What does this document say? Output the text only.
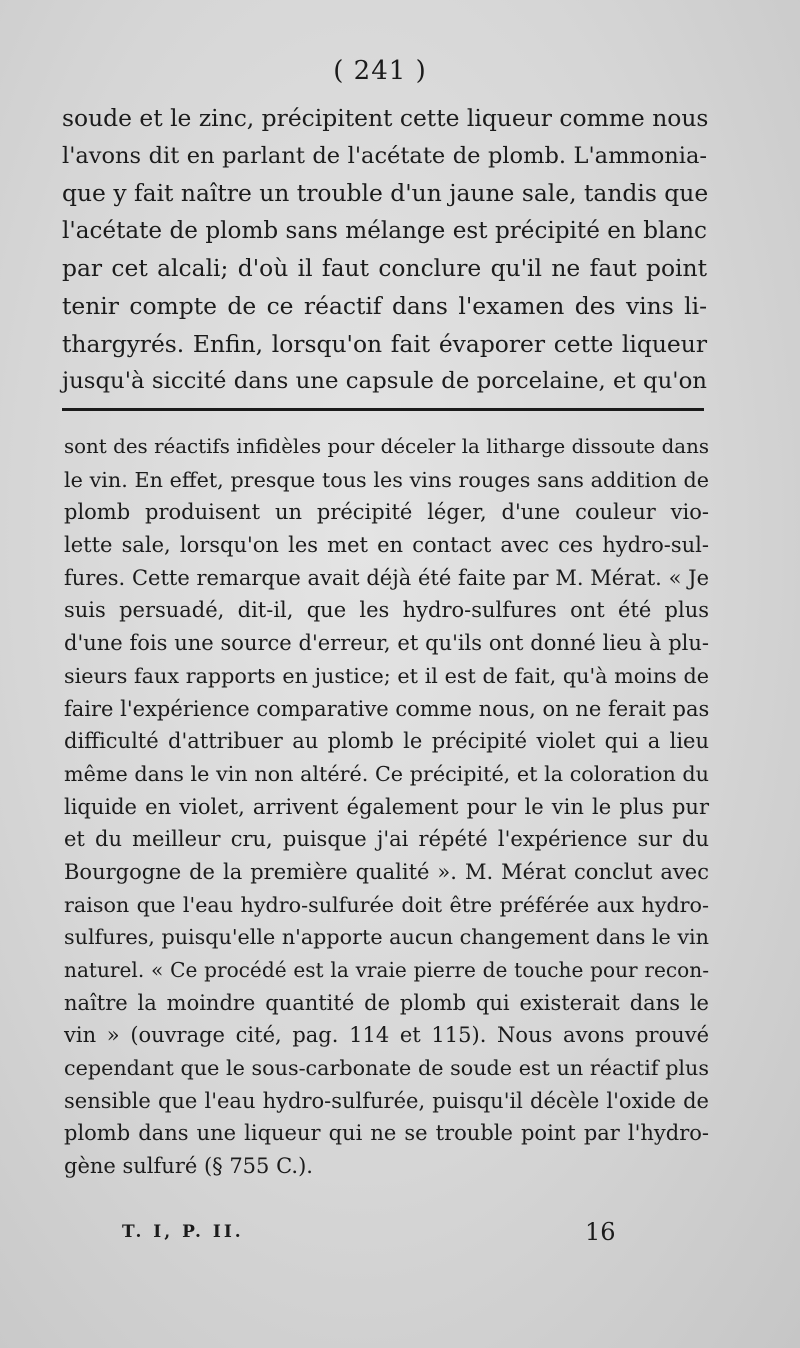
( 241 )
soude et le zinc, précipitent cette liqueur comme nous
l'avons dit en parlant de l'acétate de plomb. L'ammonia-
que y fait naître un trouble d'un jaune sale, tandis que
l'acétate de plomb sans mélange est précipité en blanc
par cet alcali; d'où il faut conclure qu'il ne faut point
tenir compte de ce réactif dans l'examen des vins li-
thargyrés. Enfin, lorsqu'on fait évaporer cette liqueur
jusqu'à siccité dans une capsule de porcelaine, et qu'on
sont des réactifs infidèles pour déceler la litharge dissoute dans
le vin. En effet, presque tous les vins rouges sans addition de
plomb produisent un précipité léger, d'une couleur vio-
lette sale, lorsqu'on les met en contact avec ces hydro-sul-
fures. Cette remarque avait déjà été faite par M. Mérat. « Je
suis persuadé, dit-il, que les hydro-sulfures ont été plus
d'une fois une source d'erreur, et qu'ils ont donné lieu à plu-
sieurs faux rapports en justice; et il est de fait, qu'à moins de
faire l'expérience comparative comme nous, on ne ferait pas
difficulté d'attribuer au plomb le précipité violet qui a lieu
même dans le vin non altéré. Ce précipité, et la coloration du
liquide en violet, arrivent également pour le vin le plus pur
et du meilleur cru, puisque j'ai répété l'expérience sur du
Bourgogne de la première qualité ». M. Mérat conclut avec
raison que l'eau hydro-sulfurée doit être préférée aux hydro-
sulfures, puisqu'elle n'apporte aucun changement dans le vin
naturel. « Ce procédé est la vraie pierre de touche pour recon-
naître la moindre quantité de plomb qui existerait dans le
vin » (ouvrage cité, pag. 114 et 115). Nous avons prouvé
cependant que le sous-carbonate de soude est un réactif plus
sensible que l'eau hydro-sulfurée, puisqu'il décèle l'oxide de
plomb dans une liqueur qui ne se trouble point par l'hydro-
gène sulfuré (§ 755 C.).
T. I, P. II.	16
